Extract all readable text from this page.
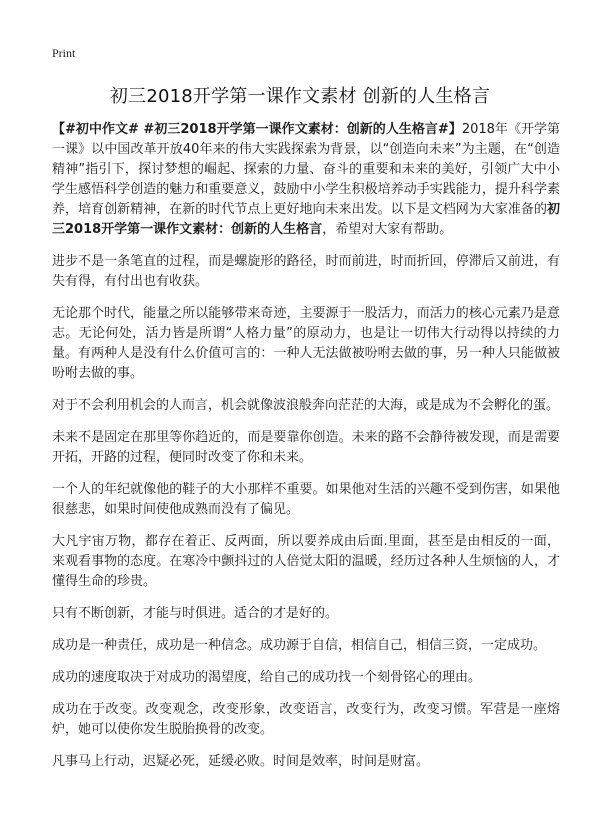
Print
初三2018开学第一课作文素材 创新的人生格言

【#初中作文# #初三2018开学第一课作文素材：创新的人生格言#】2018年《开学第一课》以中国改革开放40年来的伟大实践探索为背景，以“创造向未来”为主题，在“创造精神”指引下，探讨梦想的崛起、探索的力量、奋斗的重要和未来的美好，引领广大中小学生感悟科学创造的魅力和重要意义，鼓励中小学生积极培养动手实践能力，提升科学素养，培育创新精神，在新的时代节点上更好地向未来出发。以下是文档网为大家准备的初三2018开学第一课作文素材：创新的人生格言，希望对大家有帮助。

进步不是一条笔直的过程，而是螺旋形的路径，时而前进，时而折回，停滞后又前进，有失有得，有付出也有收获。

无论那个时代，能量之所以能够带来奇迹，主要源于一股活力，而活力的核心元素乃是意志。无论何处，活力皆是所谓“人格力量”的原动力，也是让一切伟大行动得以持续的力量。有两种人是没有什么价值可言的：一种人无法做被吩咐去做的事，另一种人只能做被吩咐去做的事。

对于不会利用机会的人而言，机会就像波浪般奔向茫茫的大海，或是成为不会孵化的蛋。

未来不是固定在那里等你趋近的，而是要靠你创造。未来的路不会静待被发现，而是需要开拓，开路的过程，便同时改变了你和未来。

一个人的年纪就像他的鞋子的大小那样不重要。如果他对生活的兴趣不受到伤害，如果他很慈悲，如果时间使他成熟而没有了偏见。

大凡宇宙万物，都存在着正、反两面，所以要养成由后面.里面，甚至是由相反的一面，来观看事物的态度。在寒冷中颤抖过的人倍觉太阳的温暖，经历过各种人生烦恼的人，才懂得生命的珍贵。

只有不断创新，才能与时俱进。适合的才是好的。

成功是一种责任，成功是一种信念。成功源于自信，相信自己，相信三资，一定成功。

成功的速度取决于对成功的渴望度，给自己的成功找一个刻骨铭心的理由。

成功在于改变。改变观念，改变形象，改变语言，改变行为，改变习惯。军营是一座熔炉，她可以使你发生脱胎换骨的改变。

凡事马上行动，迟疑必死，延缓必败。时间是效率，时间是财富。
